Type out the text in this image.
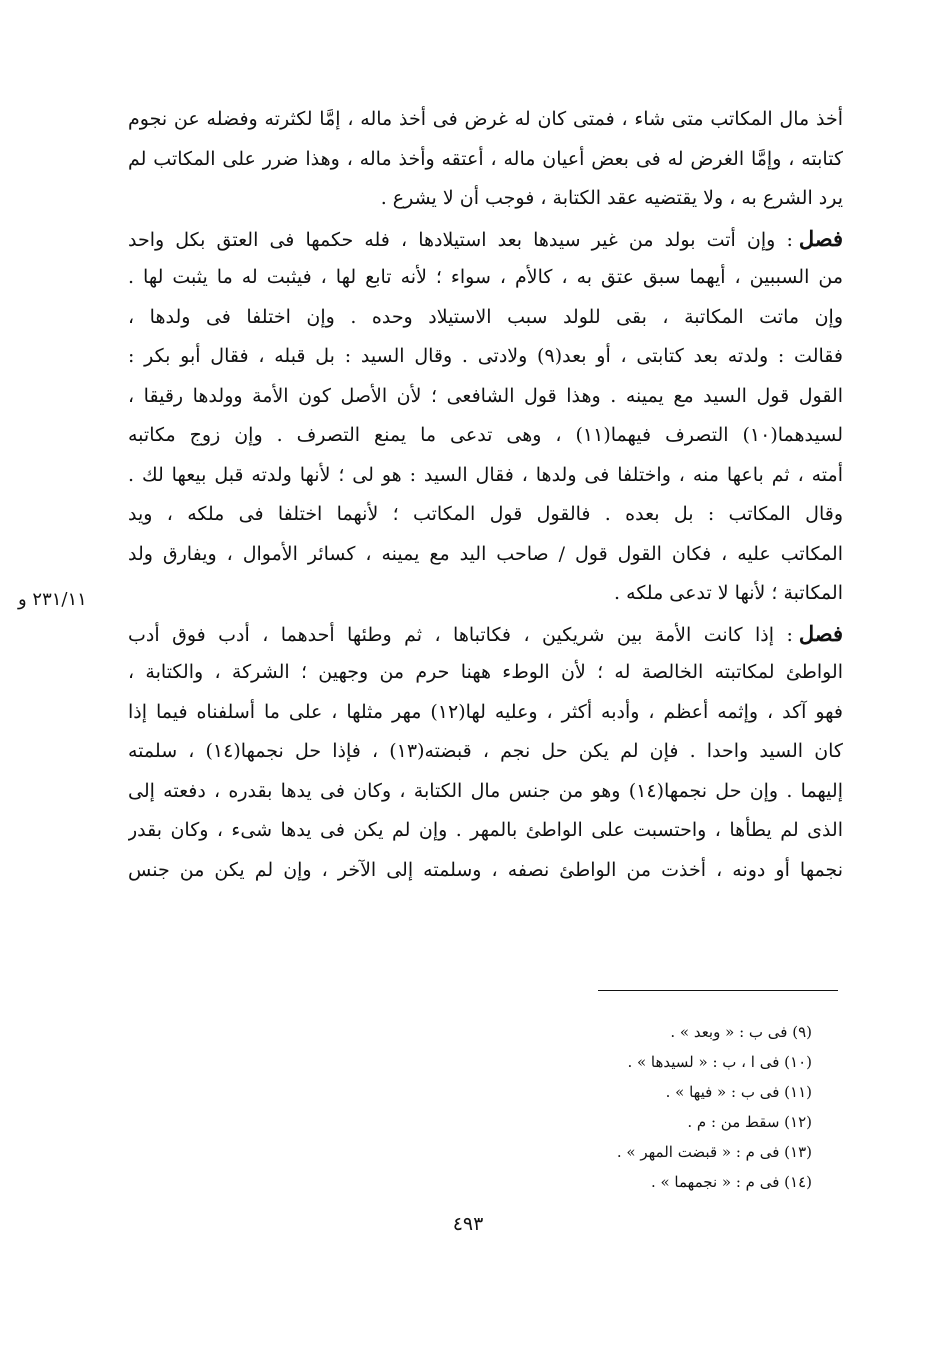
أخذ مال المكاتب متى شاء ، فمتى كان له غرض فى أخذ ماله ، إمَّا لكثرته وفضله عن نجوم
كتابته ، وإمَّا الغرض له فى بعض أعيان ماله ، أعتقه وأخذ ماله ، وهذا ضرر على المكاتب لم
يرد الشرع به ، ولا يقتضيه عقد الكتابة ، فوجب أن لا يشرع .
فصل: وإن أتت بولد من غير سيدها بعد استيلادها ، فله حكمها فى العتق بكل واحد
من السببين ، أيهما سبق عتق به ، كالأم ، سواء ؛ لأنه تابع لها ، فيثبت له ما يثبت لها .
وإن ماتت المكاتبة ، بقى للولد سبب الاستيلاد وحده . وإن اختلفا فى ولدها ،
فقالت : ولدته بعد كتابتى ، أو بعد(٩) ولادتى . وقال السيد : بل قبله ، فقال أبو بكر :
القول قول السيد مع يمينه . وهذا قول الشافعى ؛ لأن الأصل كون الأمة وولدها رقيقا ،
لسيدهما(١٠) التصرف فيهما(١١) ، وهى تدعى ما يمنع التصرف . وإن زوج مكاتبه
أمته ، ثم باعها منه ، واختلفا فى ولدها ، فقال السيد : هو لى ؛ لأنها ولدته قبل بيعها لك .
وقال المكاتب : بل بعده . فالقول قول المكاتب ؛ لأنهما اختلفا فى ملكه ، ويد
المكاتب عليه ، فكان القول قول / صاحب اليد مع يمينه ، كسائر الأموال ، ويفارق ولد
المكاتبة ؛ لأنها لا تدعى ملكه .
فصل: إذا كانت الأمة بين شريكين ، فكاتباها ، ثم وطئها أحدهما ، أدب فوق أدب
الواطئ لمكاتبته الخالصة له ؛ لأن الوطء ههنا حرم من وجهين ؛ الشركة ، والكتابة ،
فهو آكد ، وإثمه أعظم ، وأدبه أكثر ، وعليه لها(١٢) مهر مثلها ، على ما أسلفناه فيما إذا
كان السيد واحدا . فإن لم يكن حل نجم ، قبضته(١٣) ، فإذا حل نجمها(١٤) ، سلمته
إليهما . وإن حل نجمها(١٤) وهو من جنس مال الكتابة ، وكان فى يدها بقدره ، دفعته إلى
الذى لم يطأها ، واحتسبت على الواطئ بالمهر . وإن لم يكن فى يدها شىء ، وكان بقدر
نجمها أو دونه ، أخذت من الواطئ نصفه ، وسلمته إلى الآخر ، وإن لم يكن من جنس
٢٣١/١١ و
(٩) فى ب : « وبعد » .
(١٠) فى ا ، ب : « لسيدها » .
(١١) فى ب : « فيها » .
(١٢) سقط من : م .
(١٣) فى م : « قبضت المهر » .
(١٤) فى م : « نجمهما » .
٤٩٣
